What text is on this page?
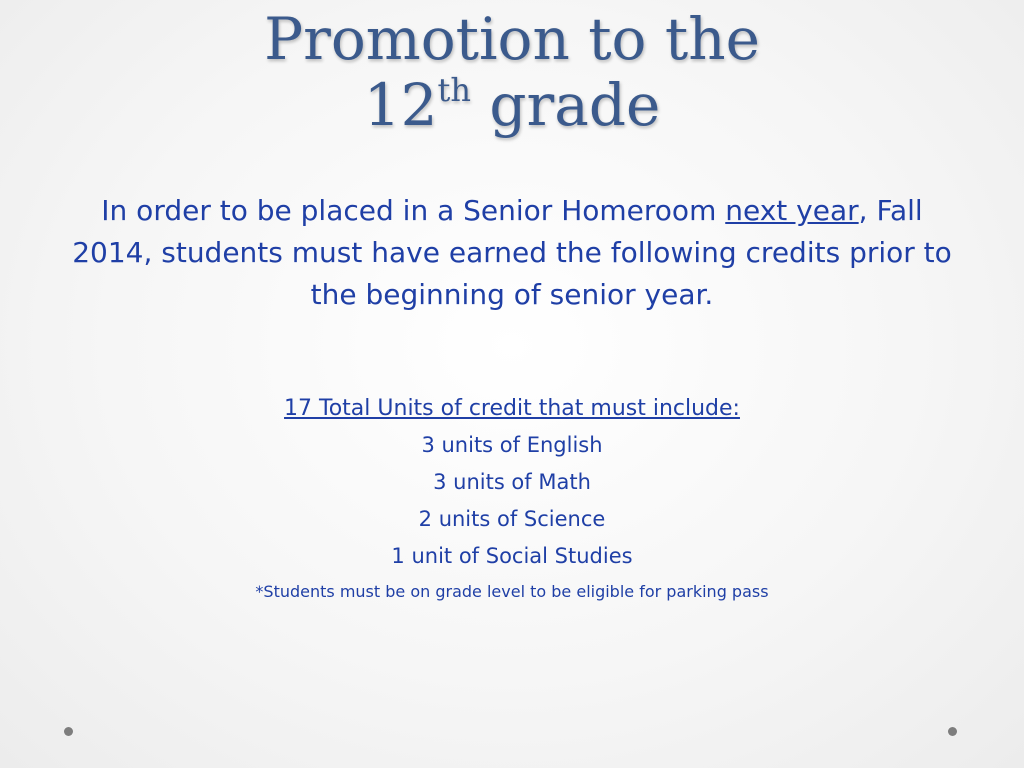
Promotion to the
12th grade
In order to be placed in a Senior Homeroom next year, Fall 2014, students must have earned the following credits prior to the beginning of senior year.
17 Total Units of credit that must include:
3 units of English
3 units of Math
2 units of Science
1 unit of Social Studies
*Students must be on grade level to be eligible for parking pass
